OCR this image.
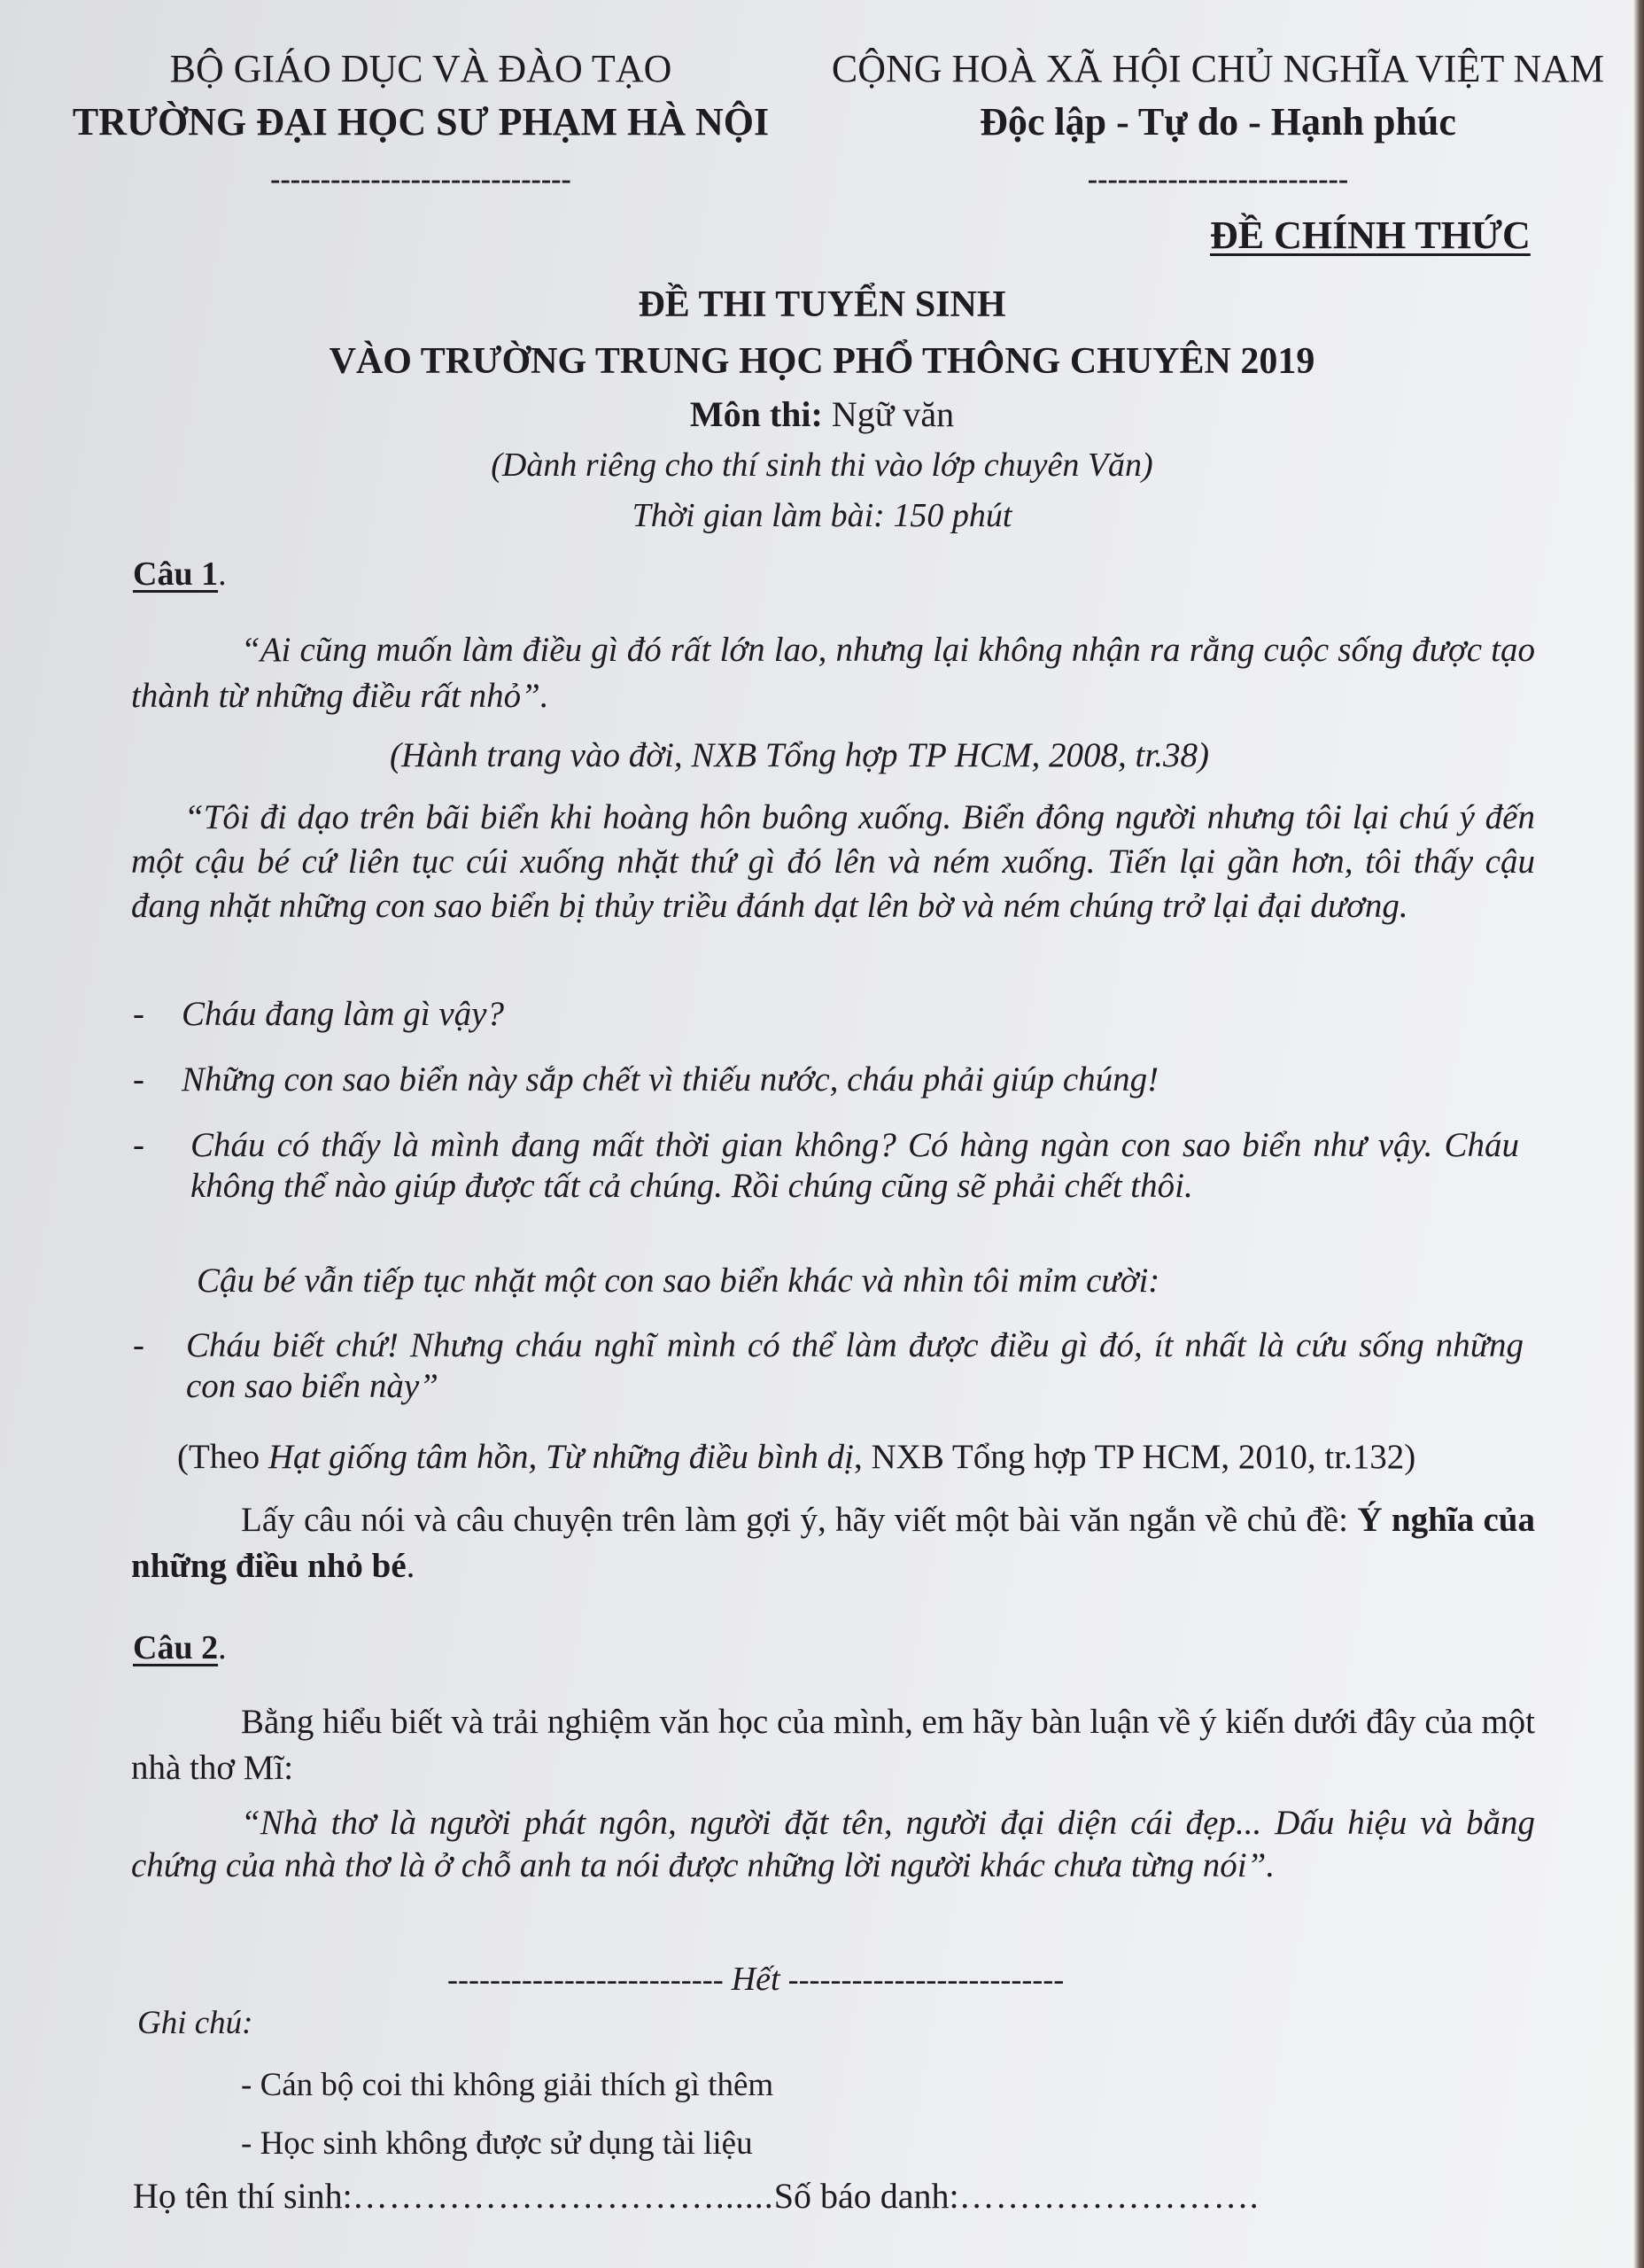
BỘ GIÁO DỤC VÀ ĐÀO TẠO
TRƯỜNG ĐẠI HỌC SƯ PHẠM HÀ NỘI
------------------------------
CỘNG HOÀ XÃ HỘI CHỦ NGHĨA VIỆT NAM
Độc lập - Tự do - Hạnh phúc
--------------------------
ĐỀ CHÍNH THỨC
ĐỀ THI TUYỂN SINH
VÀO TRƯỜNG TRUNG HỌC PHỔ THÔNG CHUYÊN 2019
Môn thi: Ngữ văn
(Dành riêng cho thí sinh thi vào lớp chuyên Văn)
Thời gian làm bài: 150 phút
Câu 1.
“Ai cũng muốn làm điều gì đó rất lớn lao, nhưng lại không nhận ra rằng cuộc sống được tạo thành từ những điều rất nhỏ”.
(Hành trang vào đời, NXB Tổng hợp TP HCM, 2008, tr.38)
“Tôi đi dạo trên bãi biển khi hoàng hôn buông xuống. Biển đông người nhưng tôi lại chú ý đến một cậu bé cứ liên tục cúi xuống nhặt thứ gì đó lên và ném xuống. Tiến lại gần hơn, tôi thấy cậu đang nhặt những con sao biển bị thủy triều đánh dạt lên bờ và ném chúng trở lại đại dương.
- Cháu đang làm gì vậy?
- Những con sao biển này sắp chết vì thiếu nước, cháu phải giúp chúng!
- Cháu có thấy là mình đang mất thời gian không? Có hàng ngàn con sao biển như vậy. Cháu không thể nào giúp được tất cả chúng. Rồi chúng cũng sẽ phải chết thôi.
Cậu bé vẫn tiếp tục nhặt một con sao biển khác và nhìn tôi mỉm cười:
- Cháu biết chứ! Nhưng cháu nghĩ mình có thể làm được điều gì đó, ít nhất là cứu sống những con sao biển này”
(Theo Hạt giống tâm hồn, Từ những điều bình dị, NXB Tổng hợp TP HCM, 2010, tr.132)
Lấy câu nói và câu chuyện trên làm gợi ý, hãy viết một bài văn ngắn về chủ đề: Ý nghĩa của những điều nhỏ bé.
Câu 2.
Bằng hiểu biết và trải nghiệm văn học của mình, em hãy bàn luận về ý kiến dưới đây của một nhà thơ Mĩ:
“Nhà thơ là người phát ngôn, người đặt tên, người đại diện cái đẹp... Dấu hiệu và bằng chứng của nhà thơ là ở chỗ anh ta nói được những lời người khác chưa từng nói”.
-------------------------- Hết --------------------------
Ghi chú:
- Cán bộ coi thi không giải thích gì thêm
- Học sinh không được sử dụng tài liệu
Họ tên thí sinh:…………………………......Số báo danh:…………………….
